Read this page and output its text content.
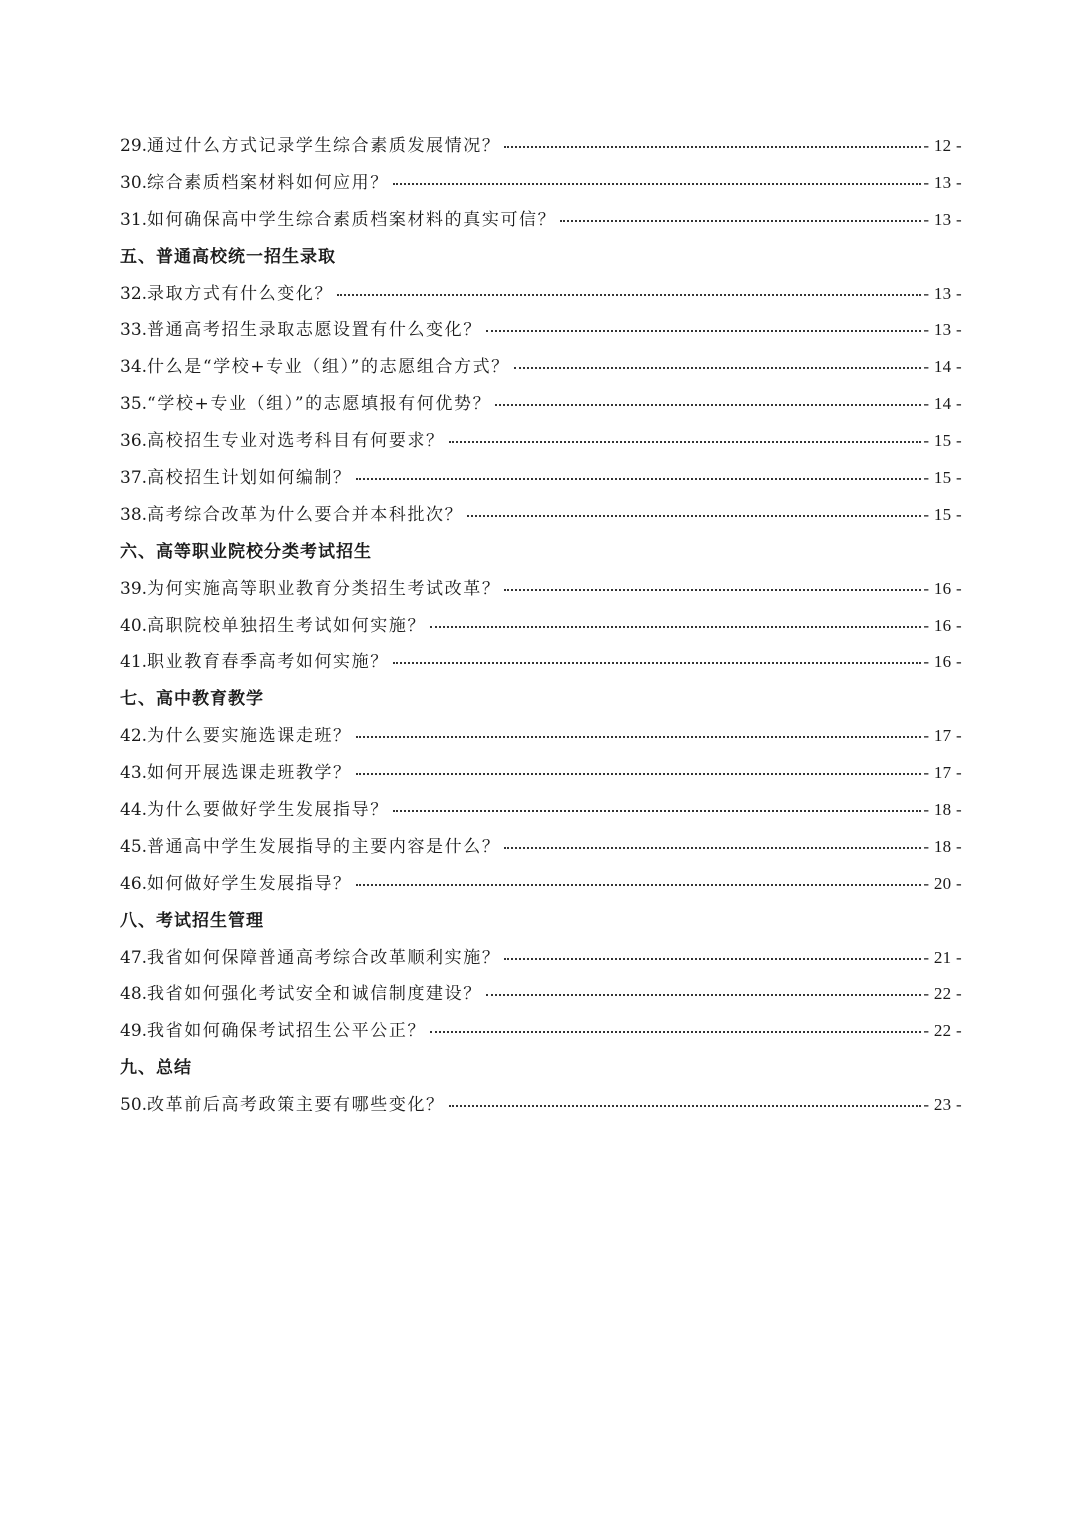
29.通过什么方式记录学生综合素质发展情况？	- 12 -
30.综合素质档案材料如何应用？	- 13 -
31.如何确保高中学生综合素质档案材料的真实可信？	- 13 -
五、普通高校统一招生录取
32.录取方式有什么变化？	- 13 -
33.普通高考招生录取志愿设置有什么变化？	- 13 -
34.什么是“学校+专业（组）”的志愿组合方式？	- 14 -
35.“学校+专业（组）”的志愿填报有何优势？	- 14 -
36.高校招生专业对选考科目有何要求？	- 15 -
37.高校招生计划如何编制？	- 15 -
38.高考综合改革为什么要合并本科批次？	- 15 -
六、高等职业院校分类考试招生
39.为何实施高等职业教育分类招生考试改革？	- 16 -
40.高职院校单独招生考试如何实施？	- 16 -
41.职业教育春季高考如何实施？	- 16 -
七、高中教育教学
42.为什么要实施选课走班？	- 17 -
43.如何开展选课走班教学？	- 17 -
44.为什么要做好学生发展指导？	- 18 -
45.普通高中学生发展指导的主要内容是什么？	- 18 -
46.如何做好学生发展指导？	- 20 -
八、考试招生管理
47.我省如何保障普通高考综合改革顺利实施？	- 21 -
48.我省如何强化考试安全和诚信制度建设？	- 22 -
49.我省如何确保考试招生公平公正？	- 22 -
九、总结
50.改革前后高考政策主要有哪些变化？	- 23 -
